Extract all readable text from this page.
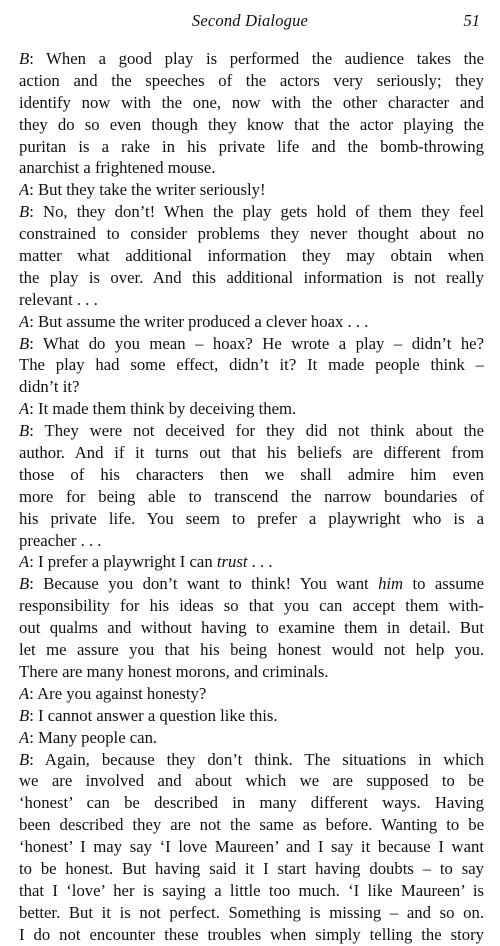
Second Dialogue	51
B: When a good play is performed the audience takes the
action and the speeches of the actors very seriously; they
identify now with the one, now with the other character and
they do so even though they know that the actor playing the
puritan is a rake in his private life and the bomb-throwing
anarchist a frightened mouse.
A: But they take the writer seriously!
B: No, they don’t! When the play gets hold of them they feel
constrained to consider problems they never thought about no
matter what additional information they may obtain when
the play is over. And this additional information is not really
relevant . . .
A: But assume the writer produced a clever hoax . . .
B: What do you mean – hoax? He wrote a play – didn’t he?
The play had some effect, didn’t it? It made people think –
didn’t it?
A: It made them think by deceiving them.
B: They were not deceived for they did not think about the
author. And if it turns out that his beliefs are different from
those of his characters then we shall admire him even
more for being able to transcend the narrow boundaries of
his private life. You seem to prefer a playwright who is a
preacher . . .
A: I prefer a playwright I can trust . . .
B: Because you don’t want to think! You want him to assume
responsibility for his ideas so that you can accept them with-
out qualms and without having to examine them in detail. But
let me assure you that his being honest would not help you.
There are many honest morons, and criminals.
A: Are you against honesty?
B: I cannot answer a question like this.
A: Many people can.
B: Again, because they don’t think. The situations in which
we are involved and about which we are supposed to be
‘honest’ can be described in many different ways. Having
been described they are not the same as before. Wanting to be
‘honest’ I may say ‘I love Maureen’ and I say it because I want
to be honest. But having said it I start having doubts – to say
that I ‘love’ her is saying a little too much. ‘I like Maureen’ is
better. But it is not perfect. Something is missing – and so on.
I do not encounter these troubles when simply telling the story
